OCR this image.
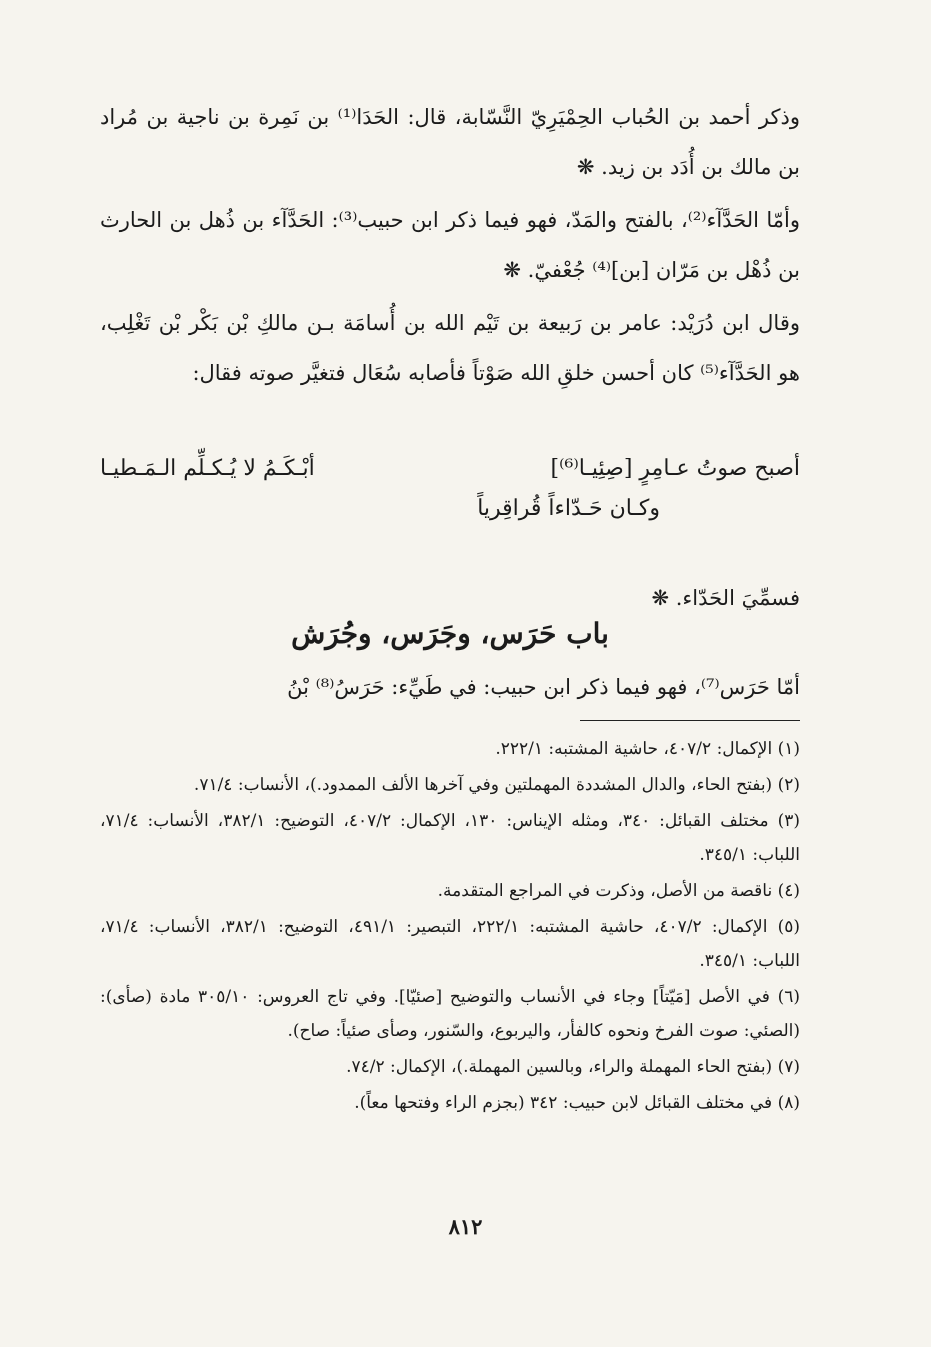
وذكر أحمد بن الحُباب الحِمْيَرِيّ النَّسّابة، قال: الحَدَا⁽¹⁾ بن نَمِرة بن ناجية بن مُراد بن مالك بن أُدَد بن زيد. ❋

وأمّا الحَدَّآء⁽²⁾، بالفتح والمَدّ، فهو فيما ذكر ابن حبيب⁽³⁾: الحَدَّآء بن ذُهل بن الحارث بن ذُهْل بن مَرّان [بن]⁽⁴⁾ جُعْفيّ. ❋

وقال ابن دُرَيْد: عامر بن رَبيعة بن تَيْم الله بن أُسامَة بـن مالكِ بْن بَكْر بْن تَغْلِب، هو الحَدَّآء⁽⁵⁾ كان أحسن خلقِ الله صَوْتاً فأصابه سُعَال فتغيَّر صوته فقال:

أصبح صوتُ عـامِرٍ [صِئِيـا⁽⁶⁾]
أبْـكَـمُ لا يُـكـلِّم الـمَـطيـا
وكـان حَـدّاءاً قُراقِرياً

فسمِّيَ الحَدّاء. ❋

باب حَرَس، وجَرَس، وجُرَش

أمّا حَرَس⁽⁷⁾، فهو فيما ذكر ابن حبيب: في طَيِّء: حَرَسُ⁽⁸⁾ بْنُ

(١) الإكمال: ٤٠٧/٢، حاشية المشتبه: ٢٢٢/١.

(٢) (بفتح الحاء، والدال المشددة المهملتين وفي آخرها الألف الممدود.)، الأنساب: ٧١/٤.

(٣) مختلف القبائل: ٣٤٠، ومثله الإيناس: ١٣٠، الإكمال: ٤٠٧/٢، التوضيح: ٣٨٢/١، الأنساب: ٧١/٤، اللباب: ٣٤٥/١.

(٤) ناقصة من الأصل، وذكرت في المراجع المتقدمة.

(٥) الإكمال: ٤٠٧/٢، حاشية المشتبه: ٢٢٢/١، التبصير: ٤٩١/١، التوضيح: ٣٨٢/١، الأنساب: ٧١/٤، اللباب: ٣٤٥/١.

(٦) في الأصل [مَيّتاً] وجاء في الأنساب والتوضيح [صئيّا]. وفي تاج العروس: ٣٠٥/١٠ مادة (صأى): (الصئي: صوت الفرخ ونحوه كالفأر، واليربوع، والسّنور، وصأى صئياً: صاح).

(٧) (بفتح الحاء المهملة والراء، وبالسين المهملة.)، الإكمال: ٧٤/٢.

(٨) في مختلف القبائل لابن حبيب: ٣٤٢ (بجزم الراء وفتحها معاً).

٨١٢
